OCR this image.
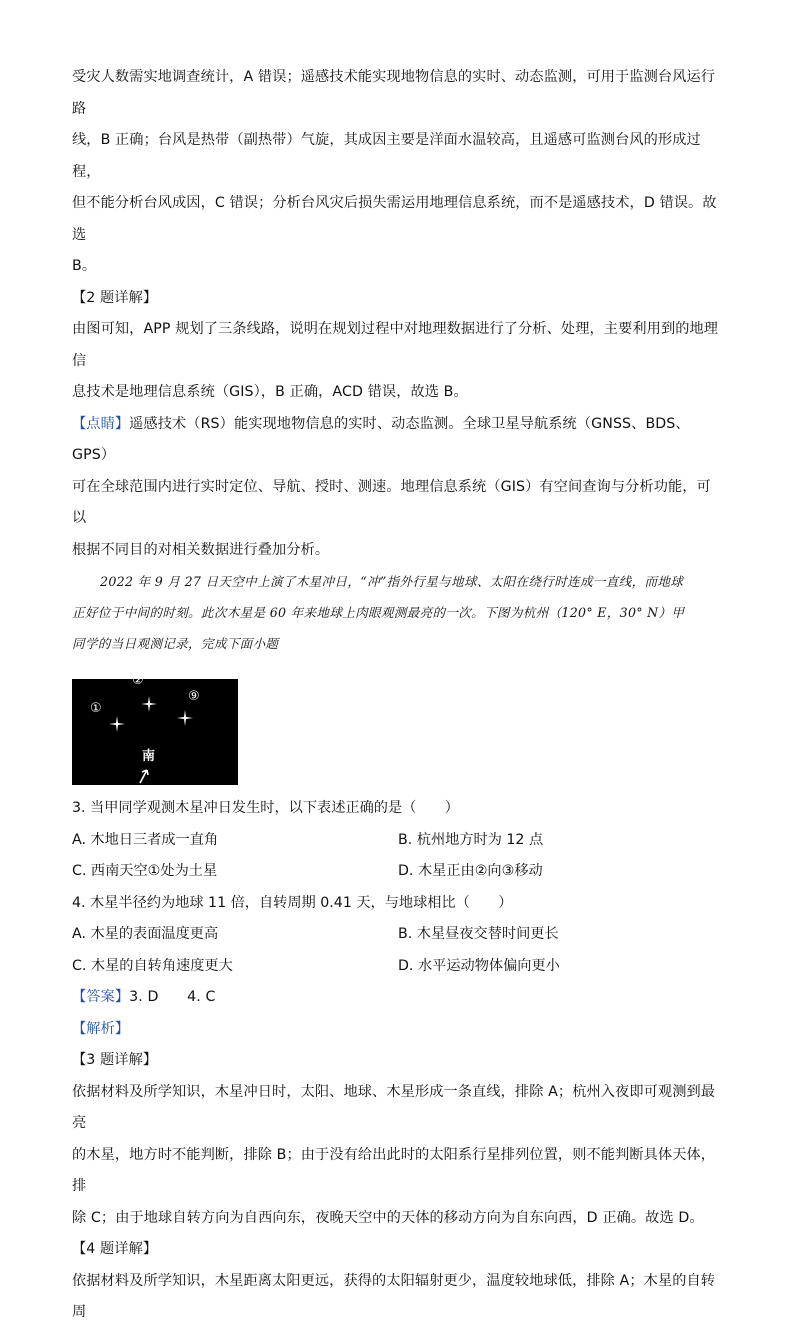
受灾人数需实地调查统计，A 错误；遥感技术能实现地物信息的实时、动态监测，可用于监测台风运行路

线，B 正确；台风是热带（副热带）气旋，其成因主要是洋面水温较高，且遥感可监测台风的形成过程，

但不能分析台风成因，C 错误；分析台风灾后损失需运用地理信息系统，而不是遥感技术，D 错误。故选

B。

【2 题详解】

由图可知，APP 规划了三条线路，说明在规划过程中对地理数据进行了分析、处理，主要利用到的地理信

息技术是地理信息系统（GIS），B 正确，ACD 错误，故选 B。

【点睛】遥感技术（RS）能实现地物信息的实时、动态监测。全球卫星导航系统（GNSS、BDS、GPS）

可在全球范围内进行实时定位、导航、授时、测速。地理信息系统（GIS）有空间查询与分析功能，可以

根据不同目的对相关数据进行叠加分析。

2022 年 9 月 27 日天空中上演了木星冲日，“冲”指外行星与地球、太阳在绕行时连成一直线，而地球

正好位于中间的时刻。此次木星是 60 年来地球上肉眼观测最亮的一次。下图为杭州（120° E，30° N）甲

同学的当日观测记录，完成下面小题

①
②
⑨
南

3. 当甲同学观测木星冲日发生时，以下表述正确的是（　　）

A. 木地日三者成一直角	B. 杭州地方时为 12 点
C. 西南天空①处为土星	D. 木星正由②向③移动

4. 木星半径约为地球 11 倍，自转周期 0.41 天，与地球相比（　　）

A. 木星的表面温度更高	B. 木星昼夜交替时间更长
C. 木星的自转角速度更大	D. 水平运动物体偏向更小

【答案】3. D　　4. C

【解析】

【3 题详解】

依据材料及所学知识，木星冲日时，太阳、地球、木星形成一条直线，排除 A；杭州入夜即可观测到最亮

的木星，地方时不能判断，排除 B；由于没有给出此时的太阳系行星排列位置，则不能判断具体天体，排

除 C；由于地球自转方向为自西向东，夜晚天空中的天体的移动方向为自东向西，D 正确。故选 D。

【4 题详解】

依据材料及所学知识，木星距离太阳更远，获得的太阳辐射更少，温度较地球低，排除 A；木星的自转周
